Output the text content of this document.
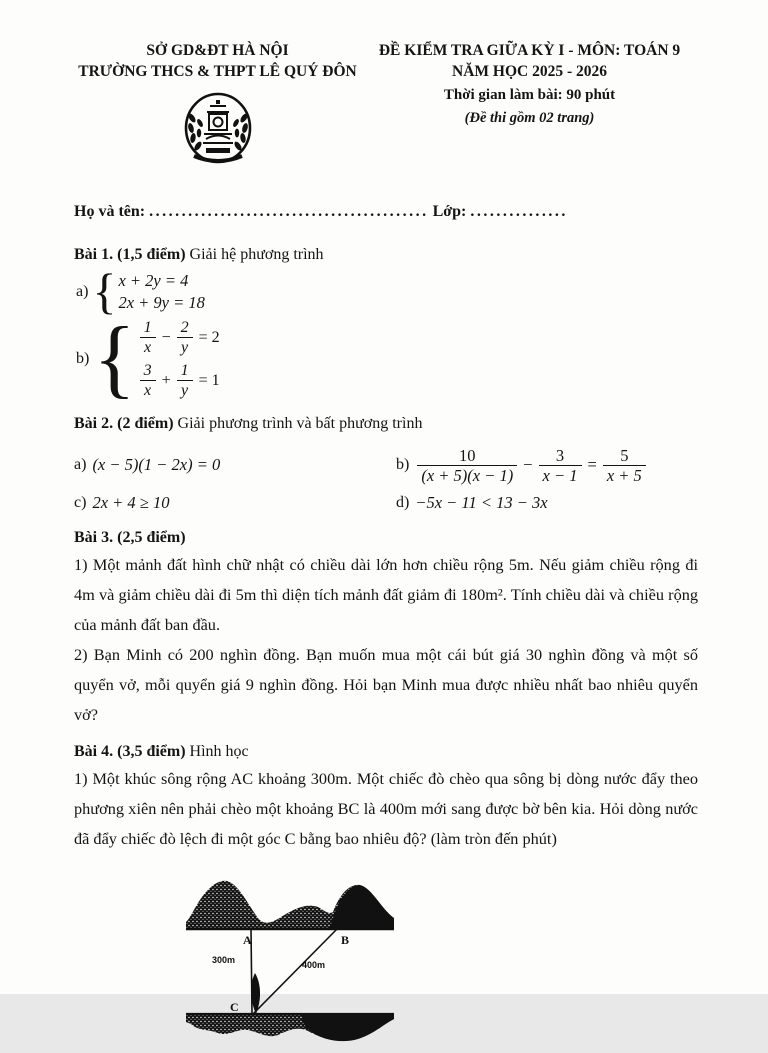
SỞ GD&ĐT HÀ NỘI
TRƯỜNG THCS & THPT LÊ QUÝ ĐÔN
ĐỀ KIỂM TRA GIỮA KỲ I - MÔN: TOÁN 9
NĂM HỌC 2025 - 2026
Thời gian làm bài: 90 phút
(Đề thi gồm 02 trang)
Họ và tên: ........................................... Lớp: ...............
Bài 1. (1,5 điểm) Giải hệ phương trình
a) { x + 2y = 4
2x + 9y = 18
b) { $\frac{1}{x} - \frac{2}{y} = 2$
$\frac{3}{x} + \frac{1}{y} = 1$
Bài 2. (2 điểm) Giải phương trình và bất phương trình
a) (x − 5)(1 − 2x) = 0	$b) \frac{10}{(x + 5)(x - 1)} - \frac{3}{x - 1} = \frac{5}{x + 5}$
c) 2x + 4 ≥ 10	d) −5x − 11 < 13 − 3x
Bài 3. (2,5 điểm)

1) Một mảnh đất hình chữ nhật có chiều dài lớn hơn chiều rộng 5m. Nếu giảm chiều rộng đi 4m và giảm chiều dài đi 5m thì diện tích mảnh đất giảm đi 180m². Tính chiều dài và chiều rộng của mảnh đất ban đầu.

2) Bạn Minh có 200 nghìn đồng. Bạn muốn mua một cái bút giá 30 nghìn đồng và một số quyển vở, mỗi quyển giá 9 nghìn đồng. Hỏi bạn Minh mua được nhiều nhất bao nhiêu quyển vở?

Bài 4. (3,5 điểm) Hình học

1) Một khúc sông rộng AC khoảng 300m. Một chiếc đò chèo qua sông bị dòng nước đẩy theo phương xiên nên phải chèo một khoảng BC là 400m mới sang được bờ bên kia. Hỏi dòng nước đã đẩy chiếc đò lệch đi một góc C bằng bao nhiêu độ? (làm tròn đến phút)

A	B
C
300m	400m
